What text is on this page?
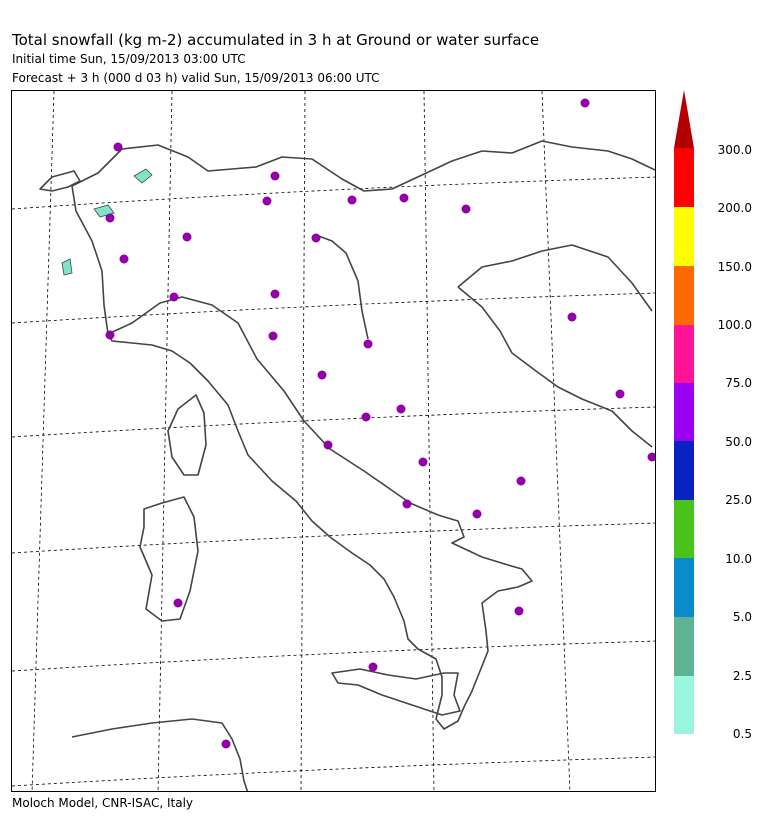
Total snowfall (kg m-2) accumulated in 3 h at Ground or water surface
Initial time Sun, 15/09/2013 03:00 UTC
Forecast + 3 h (000 d 03 h) valid Sun, 15/09/2013 06:00 UTC
0.5
2.5
5.0
10.0
25.0
50.0
75.0
100.0
150.0
200.0
300.0
Moloch Model, CNR-ISAC, Italy
